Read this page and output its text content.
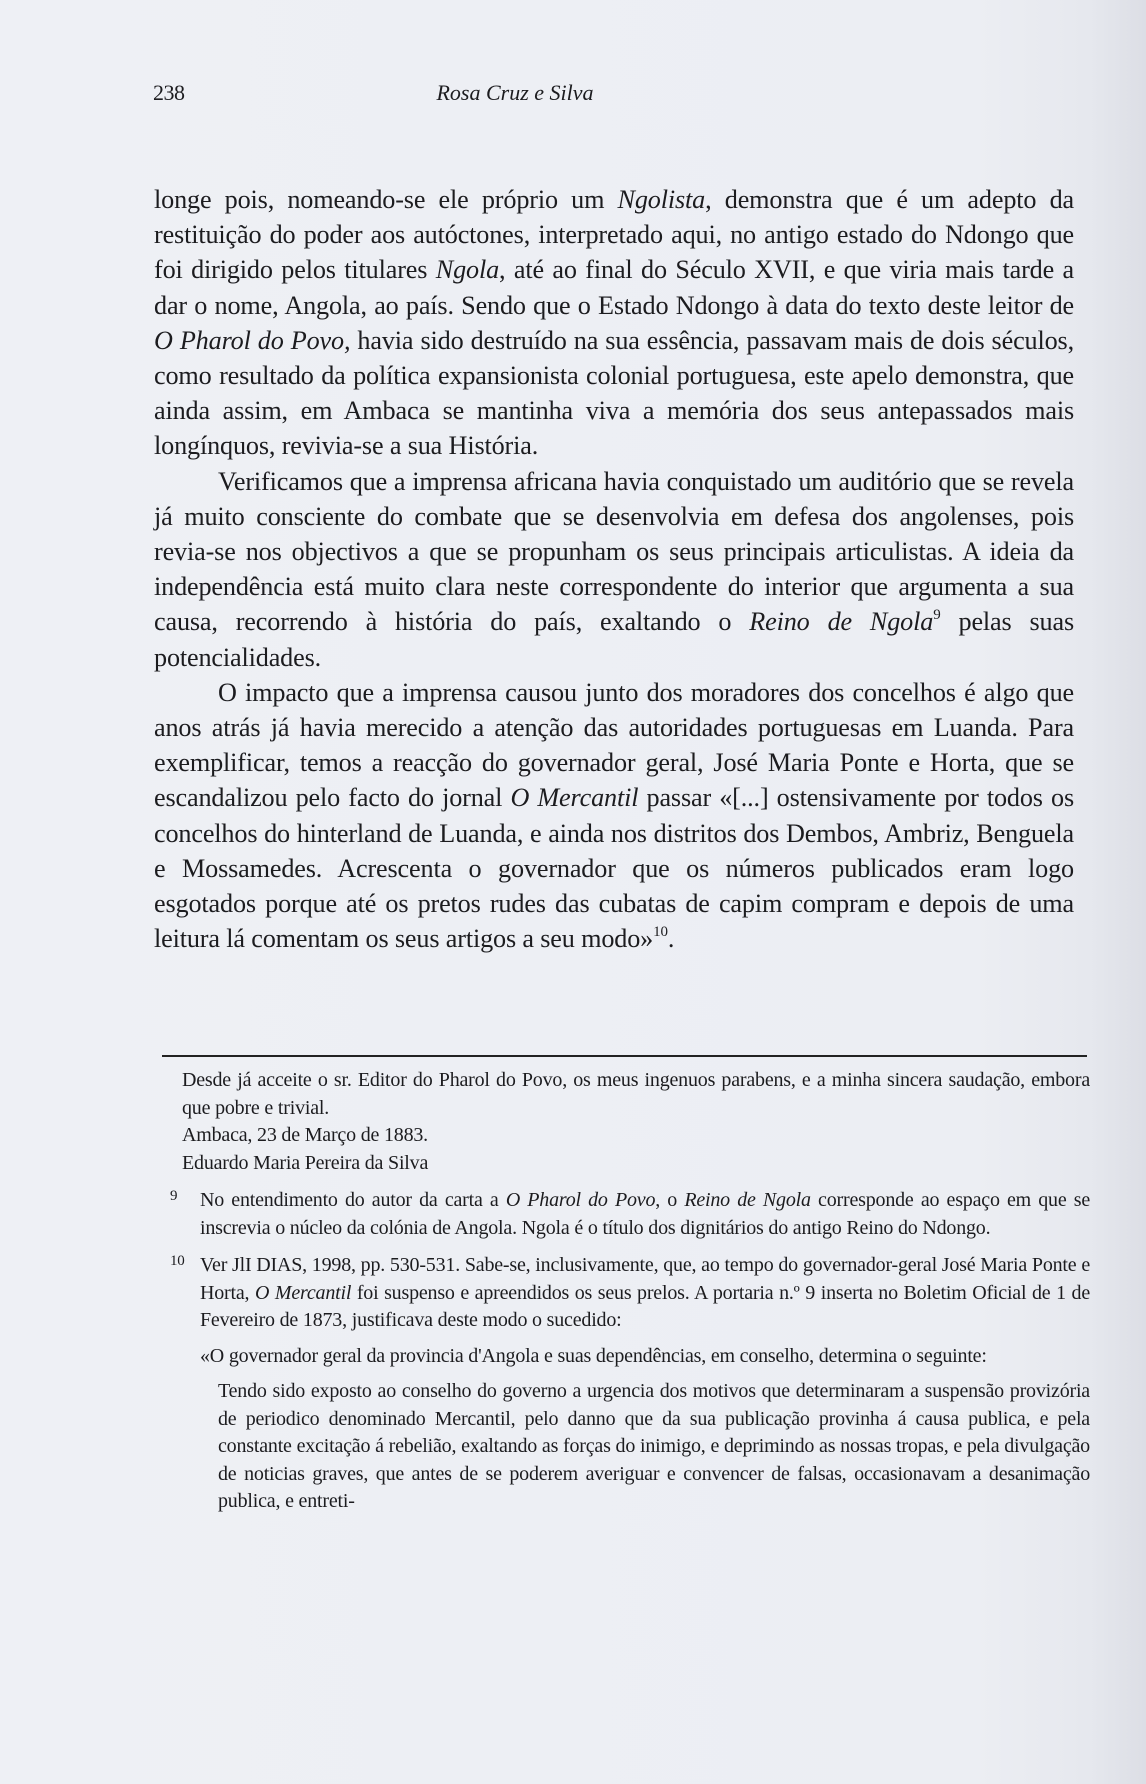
238	Rosa Cruz e Silva

longe pois, nomeando-se ele próprio um Ngolista, demonstra que é um adepto da restituição do poder aos autóctones, interpretado aqui, no antigo estado do Ndongo que foi dirigido pelos titulares Ngola, até ao final do Século XVII, e que viria mais tarde a dar o nome, Angola, ao país. Sendo que o Estado Ndongo à data do texto deste leitor de O Pharol do Povo, havia sido destruído na sua essência, passavam mais de dois séculos, como resultado da política expansionista colonial portuguesa, este apelo demonstra, que ainda assim, em Ambaca se mantinha viva a memória dos seus antepassados mais longínquos, revivia-se a sua História.

Verificamos que a imprensa africana havia conquistado um auditório que se revela já muito consciente do combate que se desenvolvia em defesa dos angolenses, pois revia-se nos objectivos a que se propunham os seus principais articulistas. A ideia da independência está muito clara neste correspondente do interior que argumenta a sua causa, recorrendo à história do país, exaltando o Reino de Ngola$^9$ pelas suas potencialidades.

O impacto que a imprensa causou junto dos moradores dos concelhos é algo que anos atrás já havia merecido a atenção das autoridades portuguesas em Luanda. Para exemplificar, temos a reacção do governador geral, José Maria Ponte e Horta, que se escandalizou pelo facto do jornal O Mercantil passar «[...] ostensivamente por todos os concelhos do hinterland de Luanda, e ainda nos distritos dos Dembos, Ambriz, Benguela e Mossamedes. Acrescenta o governador que os números publicados eram logo esgotados porque até os pretos rudes das cubatas de capim compram e depois de uma leitura lá comentam os seus artigos a seu modo»$^{10}$.

Desde já acceite o sr. Editor do Pharol do Povo, os meus ingenuos parabens, e a minha sincera saudação, embora que pobre e trivial.

Ambaca, 23 de Março de 1883.

Eduardo Maria Pereira da Silva

9 No entendimento do autor da carta a O Pharol do Povo, o Reino de Ngola corresponde ao espaço em que se inscrevia o núcleo da colónia de Angola. Ngola é o título dos dignitários do antigo Reino do Ndongo.

10 Ver JlI DIAS, 1998, pp. 530-531. Sabe-se, inclusivamente, que, ao tempo do governador-geral José Maria Ponte e Horta, O Mercantil foi suspenso e apreendidos os seus prelos. A portaria n.º 9 inserta no Boletim Oficial de 1 de Fevereiro de 1873, justificava deste modo o sucedido:

«O governador geral da provincia d'Angola e suas dependências, em conselho, determina o seguinte:

Tendo sido exposto ao conselho do governo a urgencia dos motivos que determinaram a suspensão provizória de periodico denominado Mercantil, pelo danno que da sua publicação provinha á causa publica, e pela constante excitação á rebelião, exaltando as forças do inimigo, e deprimindo as nossas tropas, e pela divulgação de noticias graves, que antes de se poderem averiguar e convencer de falsas, occasionavam a desanimação publica, e entreti-
